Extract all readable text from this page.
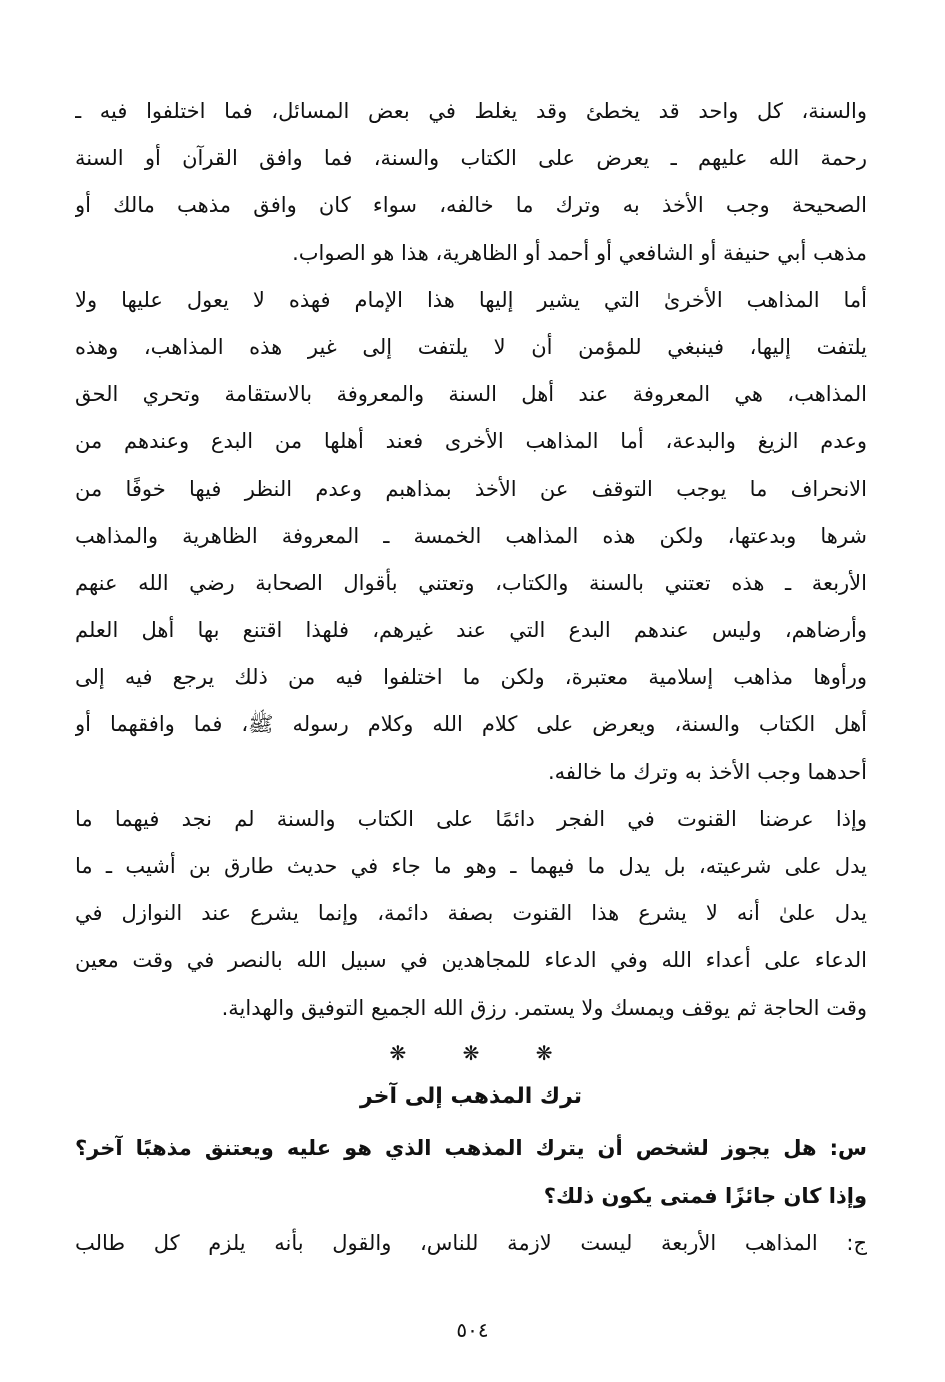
والسنة، كل واحد قد يخطئ وقد يغلط في بعض المسائل، فما اختلفوا فيه ـ
رحمة الله عليهم ـ يعرض على الكتاب والسنة، فما وافق القرآن أو السنة
الصحيحة وجب الأخذ به وترك ما خالفه، سواء كان وافق مذهب مالك أو
مذهب أبي حنيفة أو الشافعي أو أحمد أو الظاهرية، هذا هو الصواب.
أما المذاهب الأخرىٰ التي يشير إليها هذا الإمام فهذه لا يعول عليها ولا
يلتفت إليها، فينبغي للمؤمن أن لا يلتفت إلى غير هذه المذاهب، وهذه
المذاهب، هي المعروفة عند أهل السنة والمعروفة بالاستقامة وتحري الحق
وعدم الزيغ والبدعة، أما المذاهب الأخرى فعند أهلها من البدع وعندهم من
الانحراف ما يوجب التوقف عن الأخذ بمذاهبم وعدم النظر فيها خوفًا من
شرها وبدعتها، ولكن هذه المذاهب الخمسة ـ المعروفة الظاهرية والمذاهب
الأربعة ـ هذه تعتني بالسنة والكتاب، وتعتني بأقوال الصحابة رضي الله عنهم
وأرضاهم، وليس عندهم البدع التي عند غيرهم، فلهذا اقتنع بها أهل العلم
ورأوها مذاهب إسلامية معتبرة، ولكن ما اختلفوا فيه من ذلك يرجع فيه إلى
أهل الكتاب والسنة، ويعرض على كلام الله وكلام رسوله ﷺ، فما وافقهما أو
أحدهما وجب الأخذ به وترك ما خالفه.
وإذا عرضنا القنوت في الفجر دائمًا على الكتاب والسنة لم نجد فيهما ما
يدل على شرعيته، بل يدل ما فيهما ـ وهو ما جاء في حديث طارق بن أشيب ـ ما
يدل علىٰ أنه لا يشرع هذا القنوت بصفة دائمة، وإنما يشرع عند النوازل في
الدعاء على أعداء الله وفي الدعاء للمجاهدين في سبيل الله بالنصر في وقت معين
وقت الحاجة ثم يوقف ويمسك ولا يستمر. رزق الله الجميع التوفيق والهداية.
❋ ❋ ❋
ترك المذهب إلى آخر
س: هل يجوز لشخص أن يترك المذهب الذي هو عليه ويعتنق مذهبًا آخر؟
وإذا كان جائزًا فمتى يكون ذلك؟
ج: المذاهب الأربعة ليست لازمة للناس، والقول بأنه يلزم كل طالب
٥٠٤
